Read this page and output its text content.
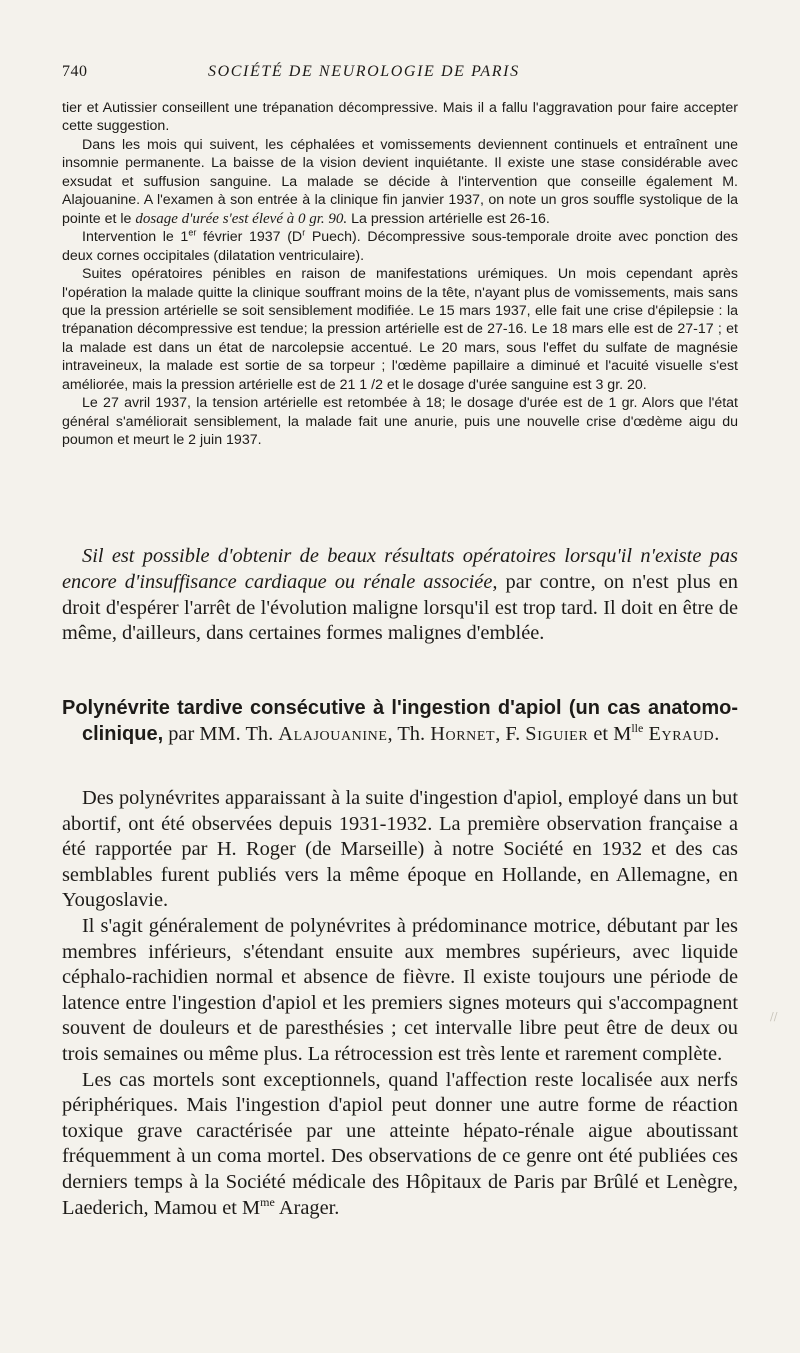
740	SOCIÉTÉ DE NEUROLOGIE DE PARIS

tier et Autissier conseillent une trépanation décompressive. Mais il a fallu l'aggravation pour faire accepter cette suggestion.

Dans les mois qui suivent, les céphalées et vomissements deviennent continuels et entraînent une insomnie permanente. La baisse de la vision devient inquiétante. Il existe une stase considérable avec exsudat et suffusion sanguine. La malade se décide à l'intervention que conseille également M. Alajouanine. A l'examen à son entrée à la clinique fin janvier 1937, on note un gros souffle systolique de la pointe et le dosage d'urée s'est élevé à 0 gr. 90. La pression artérielle est 26-16.

Intervention le 1er février 1937 ($D^r$ Puech). Décompressive sous-temporale droite avec ponction des deux cornes occipitales (dilatation ventriculaire).

Suites opératoires pénibles en raison de manifestations urémiques. Un mois cependant après l'opération la malade quitte la clinique souffrant moins de la tête, n'ayant plus de vomissements, mais sans que la pression artérielle se soit sensiblement modifiée. Le 15 mars 1937, elle fait une crise d'épilepsie : la trépanation décompressive est tendue; la pression artérielle est de 27-16. Le 18 mars elle est de 27-17 ; et la malade est dans un état de narcolepsie accentué. Le 20 mars, sous l'effet du sulfate de magnésie intraveineux, la malade est sortie de sa torpeur ; l'œdème papillaire a diminué et l'acuité visuelle s'est améliorée, mais la pression artérielle est de 21 1 /2 et le dosage d'urée sanguine est 3 gr. 20.

Le 27 avril 1937, la tension artérielle est retombée à 18; le dosage d'urée est de 1 gr. Alors que l'état général s'améliorait sensiblement, la malade fait une anurie, puis une nouvelle crise d'œdème aigu du poumon et meurt le 2 juin 1937.

Sil est possible d'obtenir de beaux résultats opératoires lorsqu'il n'existe pas encore d'insuffisance cardiaque ou rénale associée, par contre, on n'est plus en droit d'espérer l'arrêt de l'évolution maligne lorsqu'il est trop tard. Il doit en être de même, d'ailleurs, dans certaines formes malignes d'emblée.

Polynévrite tardive consécutive à l'ingestion d'apiol (un cas anatomo-clinique, par MM. Th. Alajouanine, Th. Hornet, F. Siguier et $M^{lle}$ Eyraud.

Des polynévrites apparaissant à la suite d'ingestion d'apiol, employé dans un but abortif, ont été observées depuis 1931-1932. La première observation française a été rapportée par H. Roger (de Marseille) à notre Société en 1932 et des cas semblables furent publiés vers la même époque en Hollande, en Allemagne, en Yougoslavie.

Il s'agit généralement de polynévrites à prédominance motrice, débutant par les membres inférieurs, s'étendant ensuite aux membres supérieurs, avec liquide céphalo-rachidien normal et absence de fièvre. Il existe toujours une période de latence entre l'ingestion d'apiol et les premiers signes moteurs qui s'accompagnent souvent de douleurs et de paresthésies ; cet intervalle libre peut être de deux ou trois semaines ou même plus. La rétrocession est très lente et rarement complète.

Les cas mortels sont exceptionnels, quand l'affection reste localisée aux nerfs périphériques. Mais l'ingestion d'apiol peut donner une autre forme de réaction toxique grave caractérisée par une atteinte hépato-rénale aigue aboutissant fréquemment à un coma mortel. Des observations de ce genre ont été publiées ces derniers temps à la Société médicale des Hôpitaux de Paris par Brûlé et Lenègre, Laederich, Mamou et $M^{me}$ Arager.

//
